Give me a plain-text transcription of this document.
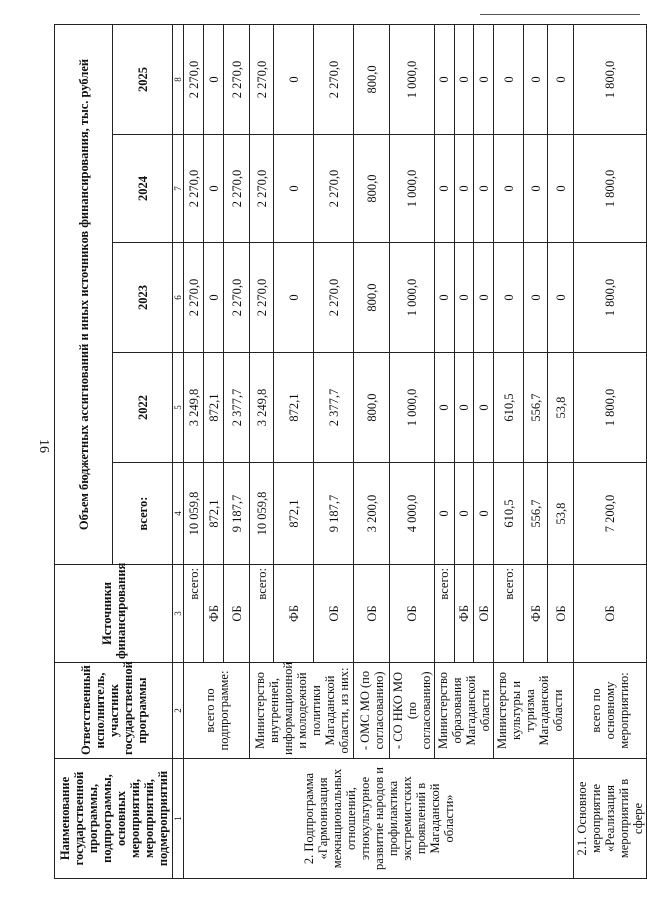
16
Наименование государственной программы, подпрограммы, основных мероприятий, мероприятий, подмероприятий	Ответственный исполнитель, участник государственной программы	Источники финансирования	Объем бюджетных ассигнований и иных источников финансирования, тыс. рублей				
			всего:	2022	2023	2024	2025
1	2	3	4	5	6	7	8
2. Подпрограмма «Гармонизация межнациональных отношений, этнокультурное развитие народов и профилактика экстремистских проявлений в Магаданской области»	всего по подпрограмме:	всего:	10 059,8	3 249,8	2 270,0	2 270,0	2 270,0
		ФБ	872,1	872,1	0	0	0
		ОБ	9 187,7	2 377,7	2 270,0	2 270,0	2 270,0
	Министерство внутренней, информационной и молодежной политики Магаданской области, из них:	всего:	10 059,8	3 249,8	2 270,0	2 270,0	2 270,0
		ФБ	872,1	872,1	0	0	0
		ОБ	9 187,7	2 377,7	2 270,0	2 270,0	2 270,0
	- ОМС МО (по согласованию)	ОБ	3 200,0	800,0	800,0	800,0	800,0
	- СО НКО МО (по согласованию)	ОБ	4 000,0	1 000,0	1 000,0	1 000,0	1 000,0
	Министерство образования Магаданской области	всего:	0	0	0	0	0
		ФБ	0	0	0	0	0
		ОБ	0	0	0	0	0
	Министерство культуры и туризма Магаданской области	всего:	610,5	610,5	0	0	0
		ФБ	556,7	556,7	0	0	0
		ОБ	53,8	53,8	0	0	0
2.1. Основное мероприятие «Реализация мероприятий в сфере	всего по основному мероприятию:	ОБ	7 200,0	1 800,0	1 800,0	1 800,0	1 800,0
